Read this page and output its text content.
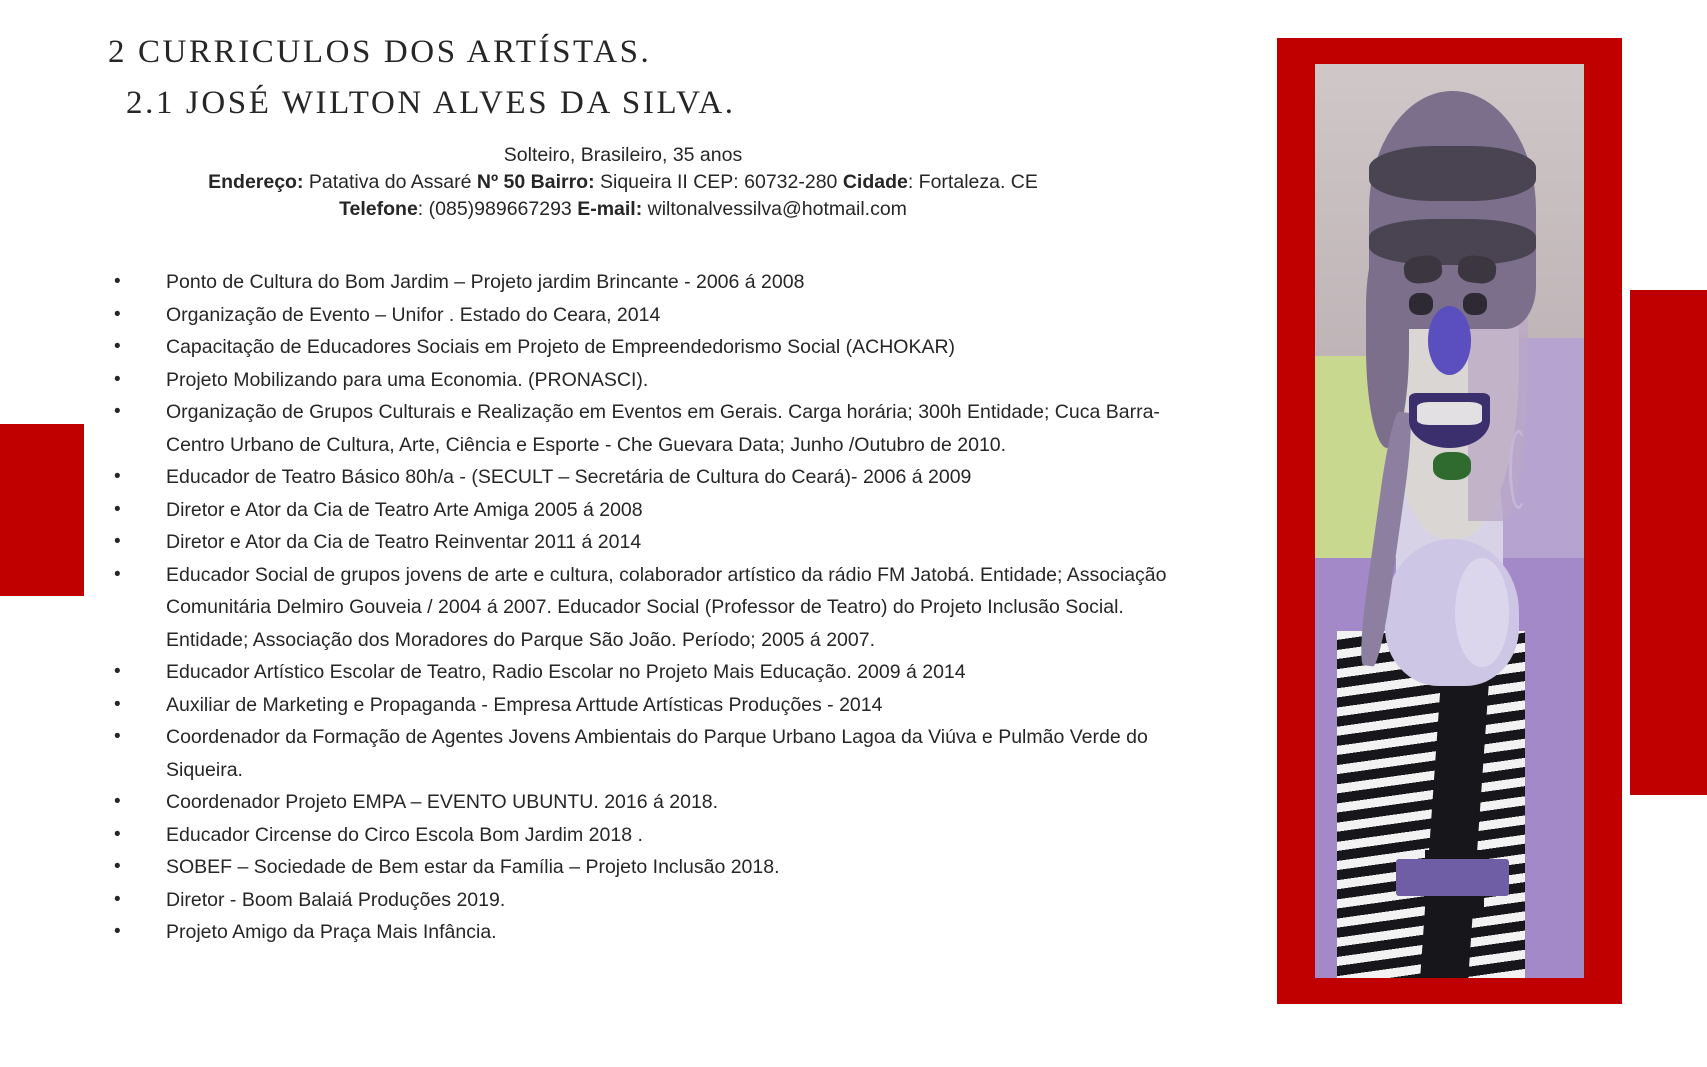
2 CURRICULOS DOS ARTÍSTAS.
2.1 JOSÉ WILTON ALVES DA SILVA.
Solteiro, Brasileiro, 35 anos
Endereço: Patativa do Assaré Nº 50 Bairro: Siqueira II CEP: 60732-280 Cidade: Fortaleza. CE
Telefone: (085)989667293 E-mail: wiltonalvessilva@hotmail.com
• Ponto de Cultura do Bom Jardim – Projeto jardim Brincante - 2006 á 2008
• Organização de Evento – Unifor . Estado do Ceara, 2014
• Capacitação de Educadores Sociais em Projeto de Empreendedorismo Social (ACHOKAR)
• Projeto Mobilizando para uma Economia. (PRONASCI).
• Organização de Grupos Culturais e Realização em Eventos em Gerais. Carga horária; 300h Entidade; Cuca Barra- Centro Urbano de Cultura, Arte, Ciência e Esporte - Che Guevara Data; Junho /Outubro de 2010.
• Educador de Teatro Básico 80h/a - (SECULT – Secretária de Cultura do Ceará)- 2006 á 2009
• Diretor e Ator da Cia de Teatro Arte Amiga 2005 á 2008
• Diretor e Ator da Cia de Teatro Reinventar 2011 á 2014
• Educador Social de grupos jovens de arte e cultura, colaborador artístico da rádio FM Jatobá. Entidade; Associação Comunitária Delmiro Gouveia / 2004 á 2007. Educador Social (Professor de Teatro) do Projeto Inclusão Social. Entidade; Associação dos Moradores do Parque São João. Período; 2005 á 2007.
• Educador Artístico Escolar de Teatro, Radio Escolar no Projeto Mais Educação. 2009 á 2014
• Auxiliar de Marketing e Propaganda - Empresa Arttude Artísticas Produções - 2014
• Coordenador da Formação de Agentes Jovens Ambientais do Parque Urbano Lagoa da Viúva e Pulmão Verde do Siqueira.
• Coordenador Projeto EMPA – EVENTO UBUNTU. 2016 á 2018.
• Educador Circense do Circo Escola Bom Jardim 2018 .
• SOBEF – Sociedade de Bem estar da Família – Projeto Inclusão 2018.
• Diretor - Boom Balaiá Produções 2019.
• Projeto Amigo da Praça Mais Infância.
